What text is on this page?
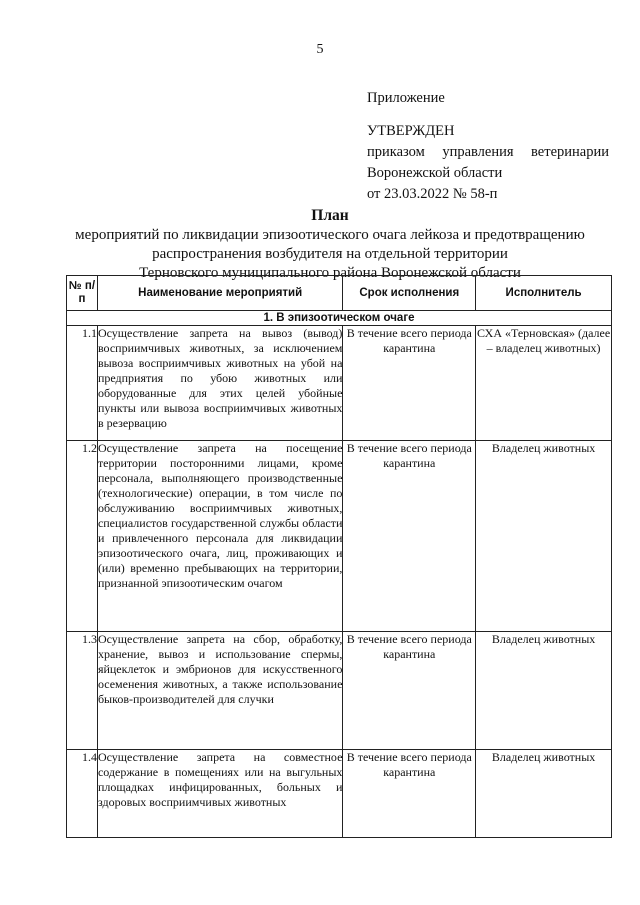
5
Приложение
УТВЕРЖДЕН
приказом управления ветеринарии
Воронежской области
от 23.03.2022 № 58-п
План
мероприятий по ликвидации эпизоотического очага лейкоза и предотвращению
распространения возбудителя на отдельной территории
Терновского муниципального района Воронежской области
№ п/п	Наименование мероприятий	Срок исполнения	Исполнитель
1. В эпизоотическом очаге			
1.1	Осуществление запрета на вывоз (вывод) восприимчивых животных, за исключением вывоза восприимчивых животных на убой на предприятия по убою животных или оборудованные для этих целей убойные пункты или вывоза восприимчивых животных в резервацию	В течение всего периода карантина	СХА «Терновская» (далее – владелец животных)
1.2	Осуществление запрета на посещение территории посторонними лицами, кроме персонала, выполняющего производственные (технологические) операции, в том числе по обслуживанию восприимчивых животных, специалистов государственной службы области и привлеченного персонала для ликвидации эпизоотического очага, лиц, проживающих и (или) временно пребывающих на территории, признанной эпизоотическим очагом	В течение всего периода карантина	Владелец животных
1.3	Осуществление запрета на сбор, обработку, хранение, вывоз и использование спермы, яйцеклеток и эмбрионов для искусственного осеменения животных, а также использование быков-производителей для случки	В течение всего периода карантина	Владелец животных
1.4	Осуществление запрета на совместное содержание в помещениях или на выгульных площадках инфицированных, больных и здоровых восприимчивых животных	В течение всего периода карантина	Владелец животных
